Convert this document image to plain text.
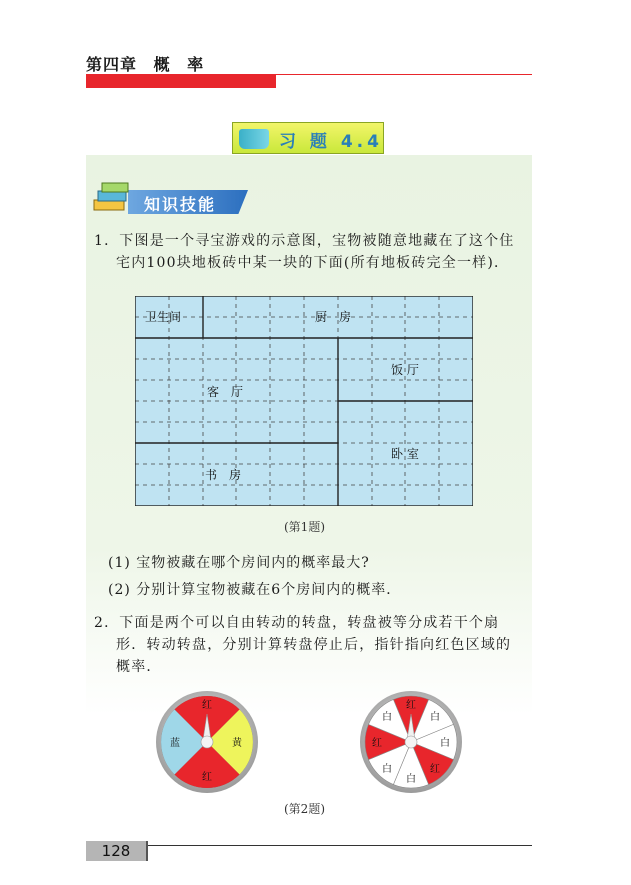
第四章 概 率
习 题 4.4
知识技能
1．下图是一个寻宝游戏的示意图，宝物被随意地藏在了这个住
宅内100块地板砖中某一块的下面(所有地板砖完全一样)．
卫生间	厨　房
客　厅
饭 厅
卧 室
书　房
(第1题)
(1) 宝物被藏在哪个房间内的概率最大?
(2) 分别计算宝物被藏在6个房间内的概率．
2．下面是两个可以自由转动的转盘，转盘被等分成若干个扇
形．转动转盘，分别计算转盘停止后，指针指向红色区域的
概率．
红
黄
红
蓝
红
白
白
红
白
白
红
白
(第2题)
128
